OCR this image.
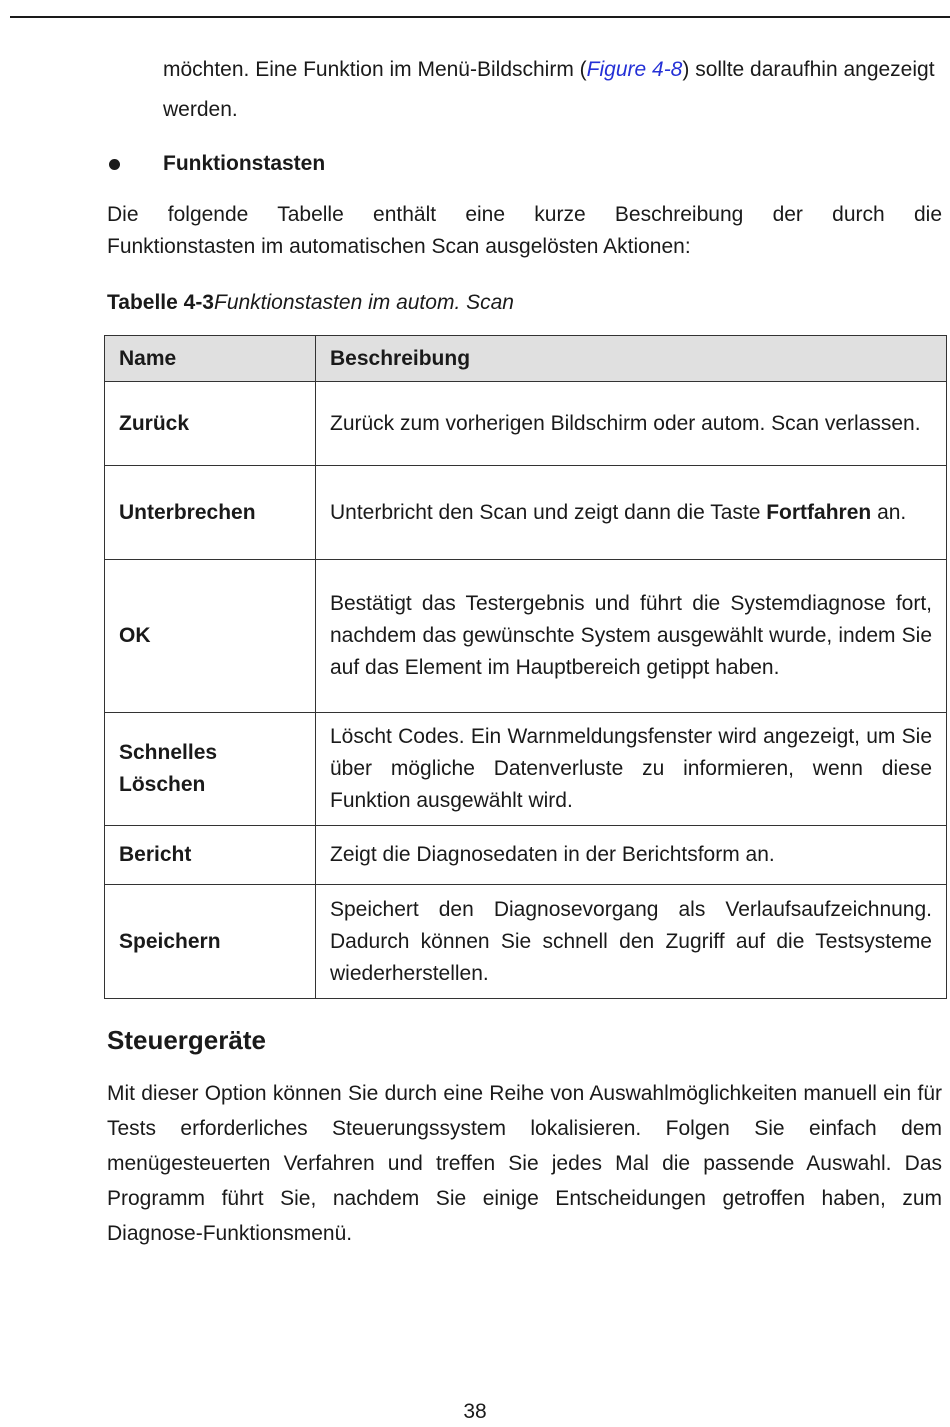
möchten. Eine Funktion im Menü-Bildschirm (Figure 4-8) sollte daraufhin angezeigt werden.
Funktionstasten
Die folgende Tabelle enthält eine kurze Beschreibung der durch die
Funktionstasten im automatischen Scan ausgelösten Aktionen:
Tabelle 4-3Funktionstasten im autom. Scan
Name	Beschreibung
Zurück	Zurück zum vorherigen Bildschirm oder autom. Scan verlassen.
Unterbrechen	Unterbricht den Scan und zeigt dann die Taste Fortfahren an.
OK	Bestätigt das Testergebnis und führt die Systemdiagnose fort, nachdem das gewünschte System ausgewählt wurde, indem Sie auf das Element im Hauptbereich getippt haben.
Schnelles Löschen	Löscht Codes. Ein Warnmeldungsfenster wird angezeigt, um Sie über mögliche Datenverluste zu informieren, wenn diese Funktion ausgewählt wird.
Bericht	Zeigt die Diagnosedaten in der Berichtsform an.
Speichern	Speichert den Diagnosevorgang als Verlaufsaufzeichnung. Dadurch können Sie schnell den Zugriff auf die Testsysteme wiederherstellen.
Steuergeräte
Mit dieser Option können Sie durch eine Reihe von Auswahlmöglichkeiten manuell ein für Tests erforderliches Steuerungssystem lokalisieren. Folgen Sie einfach dem menügesteuerten Verfahren und treffen Sie jedes Mal die passende Auswahl. Das Programm führt Sie, nachdem Sie einige Entscheidungen getroffen haben, zum Diagnose-Funktionsmenü.
38
